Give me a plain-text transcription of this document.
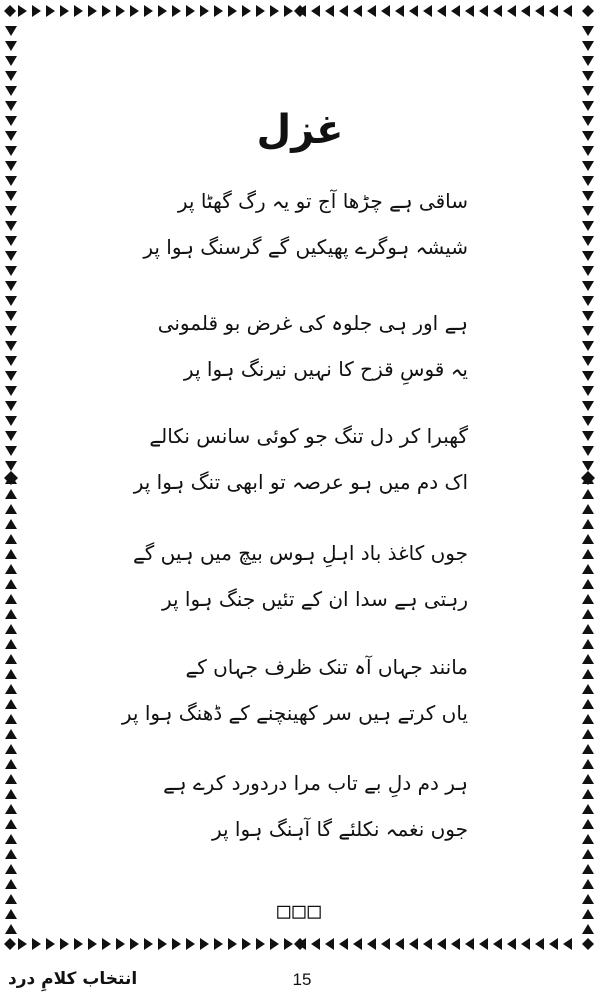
غزل
ساقی ہے چڑھا آج تو یہ رگ گھٹا پر
شیشہ ہوگرے پھیکیں گے گرسنگ ہوا پر
ہے اور ہی جلوہ کی غرض بو قلمونی
یہ قوسِ قزح کا نہیں نیرنگ ہوا پر
گھبرا کر دل تنگ جو کوئی سانس نکالے
اک دم میں ہو عرصہ تو ابھی تنگ ہوا پر
جوں کاغذ باد اہلِ ہوس بیچ میں ہیں گے
رہتی ہے سدا ان کے تئیں جنگ ہوا پر
مانند جہاں آہ تنک ظرف جہاں کے
یاں کرتے ہیں سر کھینچنے کے ڈھنگ ہوا پر
ہر دم دلِ بے تاب مرا دردورد کرے ہے
جوں نغمہ نکلئے گا آہنگ ہوا پر
□□□
انتخاب کلامِ درد	15
